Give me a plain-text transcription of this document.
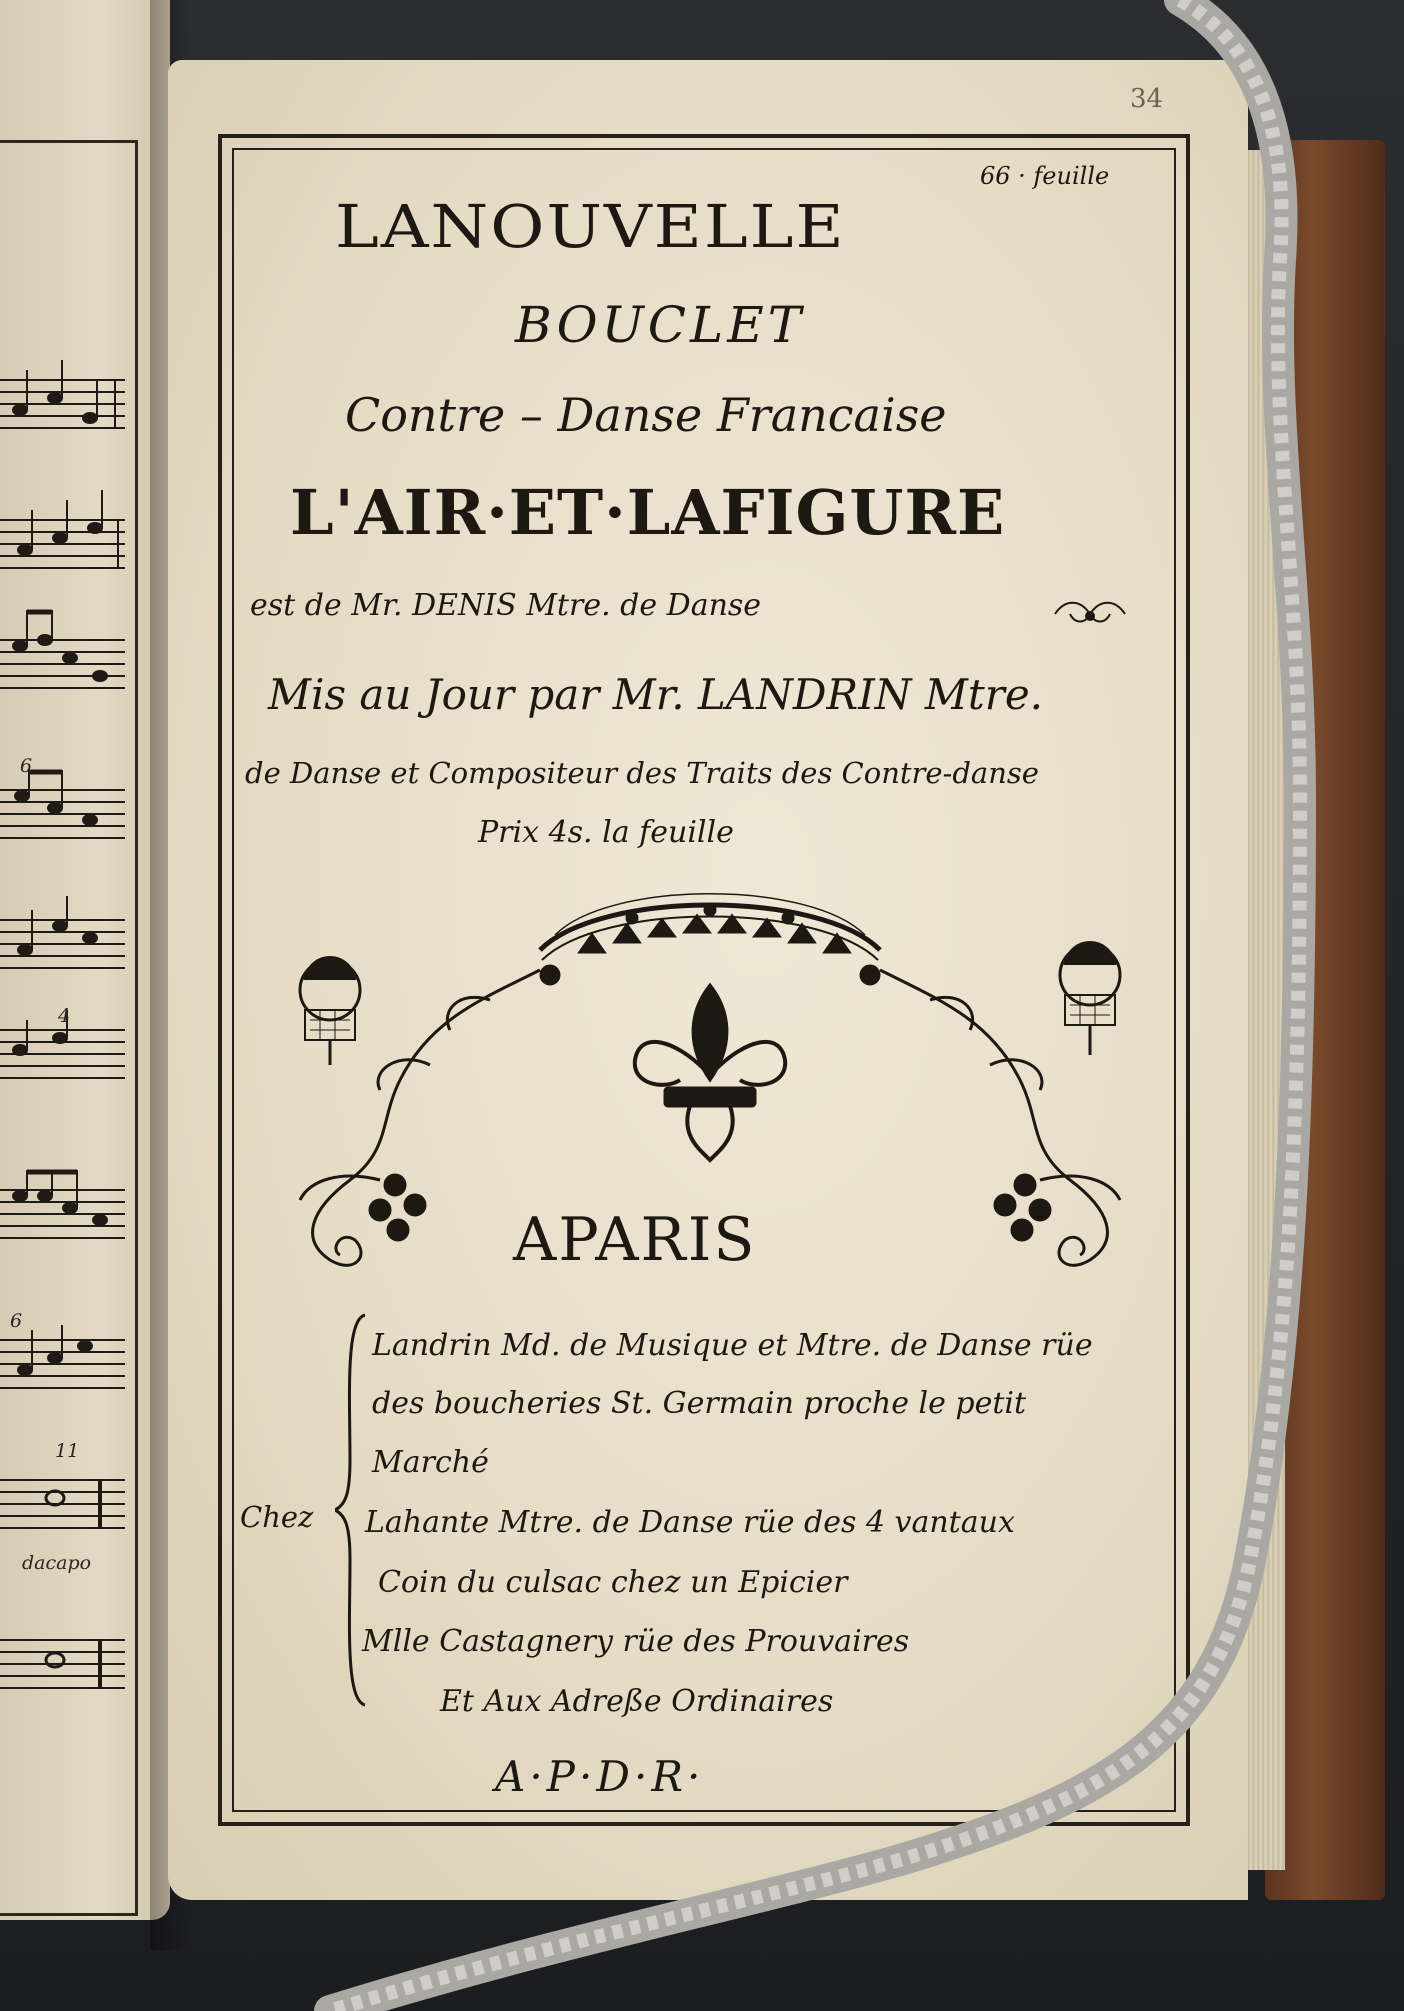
6
4
6
11
dacapo
34
66 · feuille
LANOUVELLE
BOUCLET
Contre – Danse Francaise
L'AIR·ET·LAFIGURE
est de Mr. DENIS Mtre. de Danse
Mis au Jour par Mr. LANDRIN Mtre.
de Danse et Compositeur des Traits des Contre-danse
Prix 4s. la feuille
APARIS
Chez
Landrin Md. de Musique et Mtre. de Danse rüe
des boucheries St. Germain proche le petit
Marché
Lahante Mtre. de Danse rüe des 4 vantaux
Coin du culsac chez un Epicier
Mlle Castagnery rüe des Prouvaires
Et Aux Adreße Ordinaires
A·P·D·R·
